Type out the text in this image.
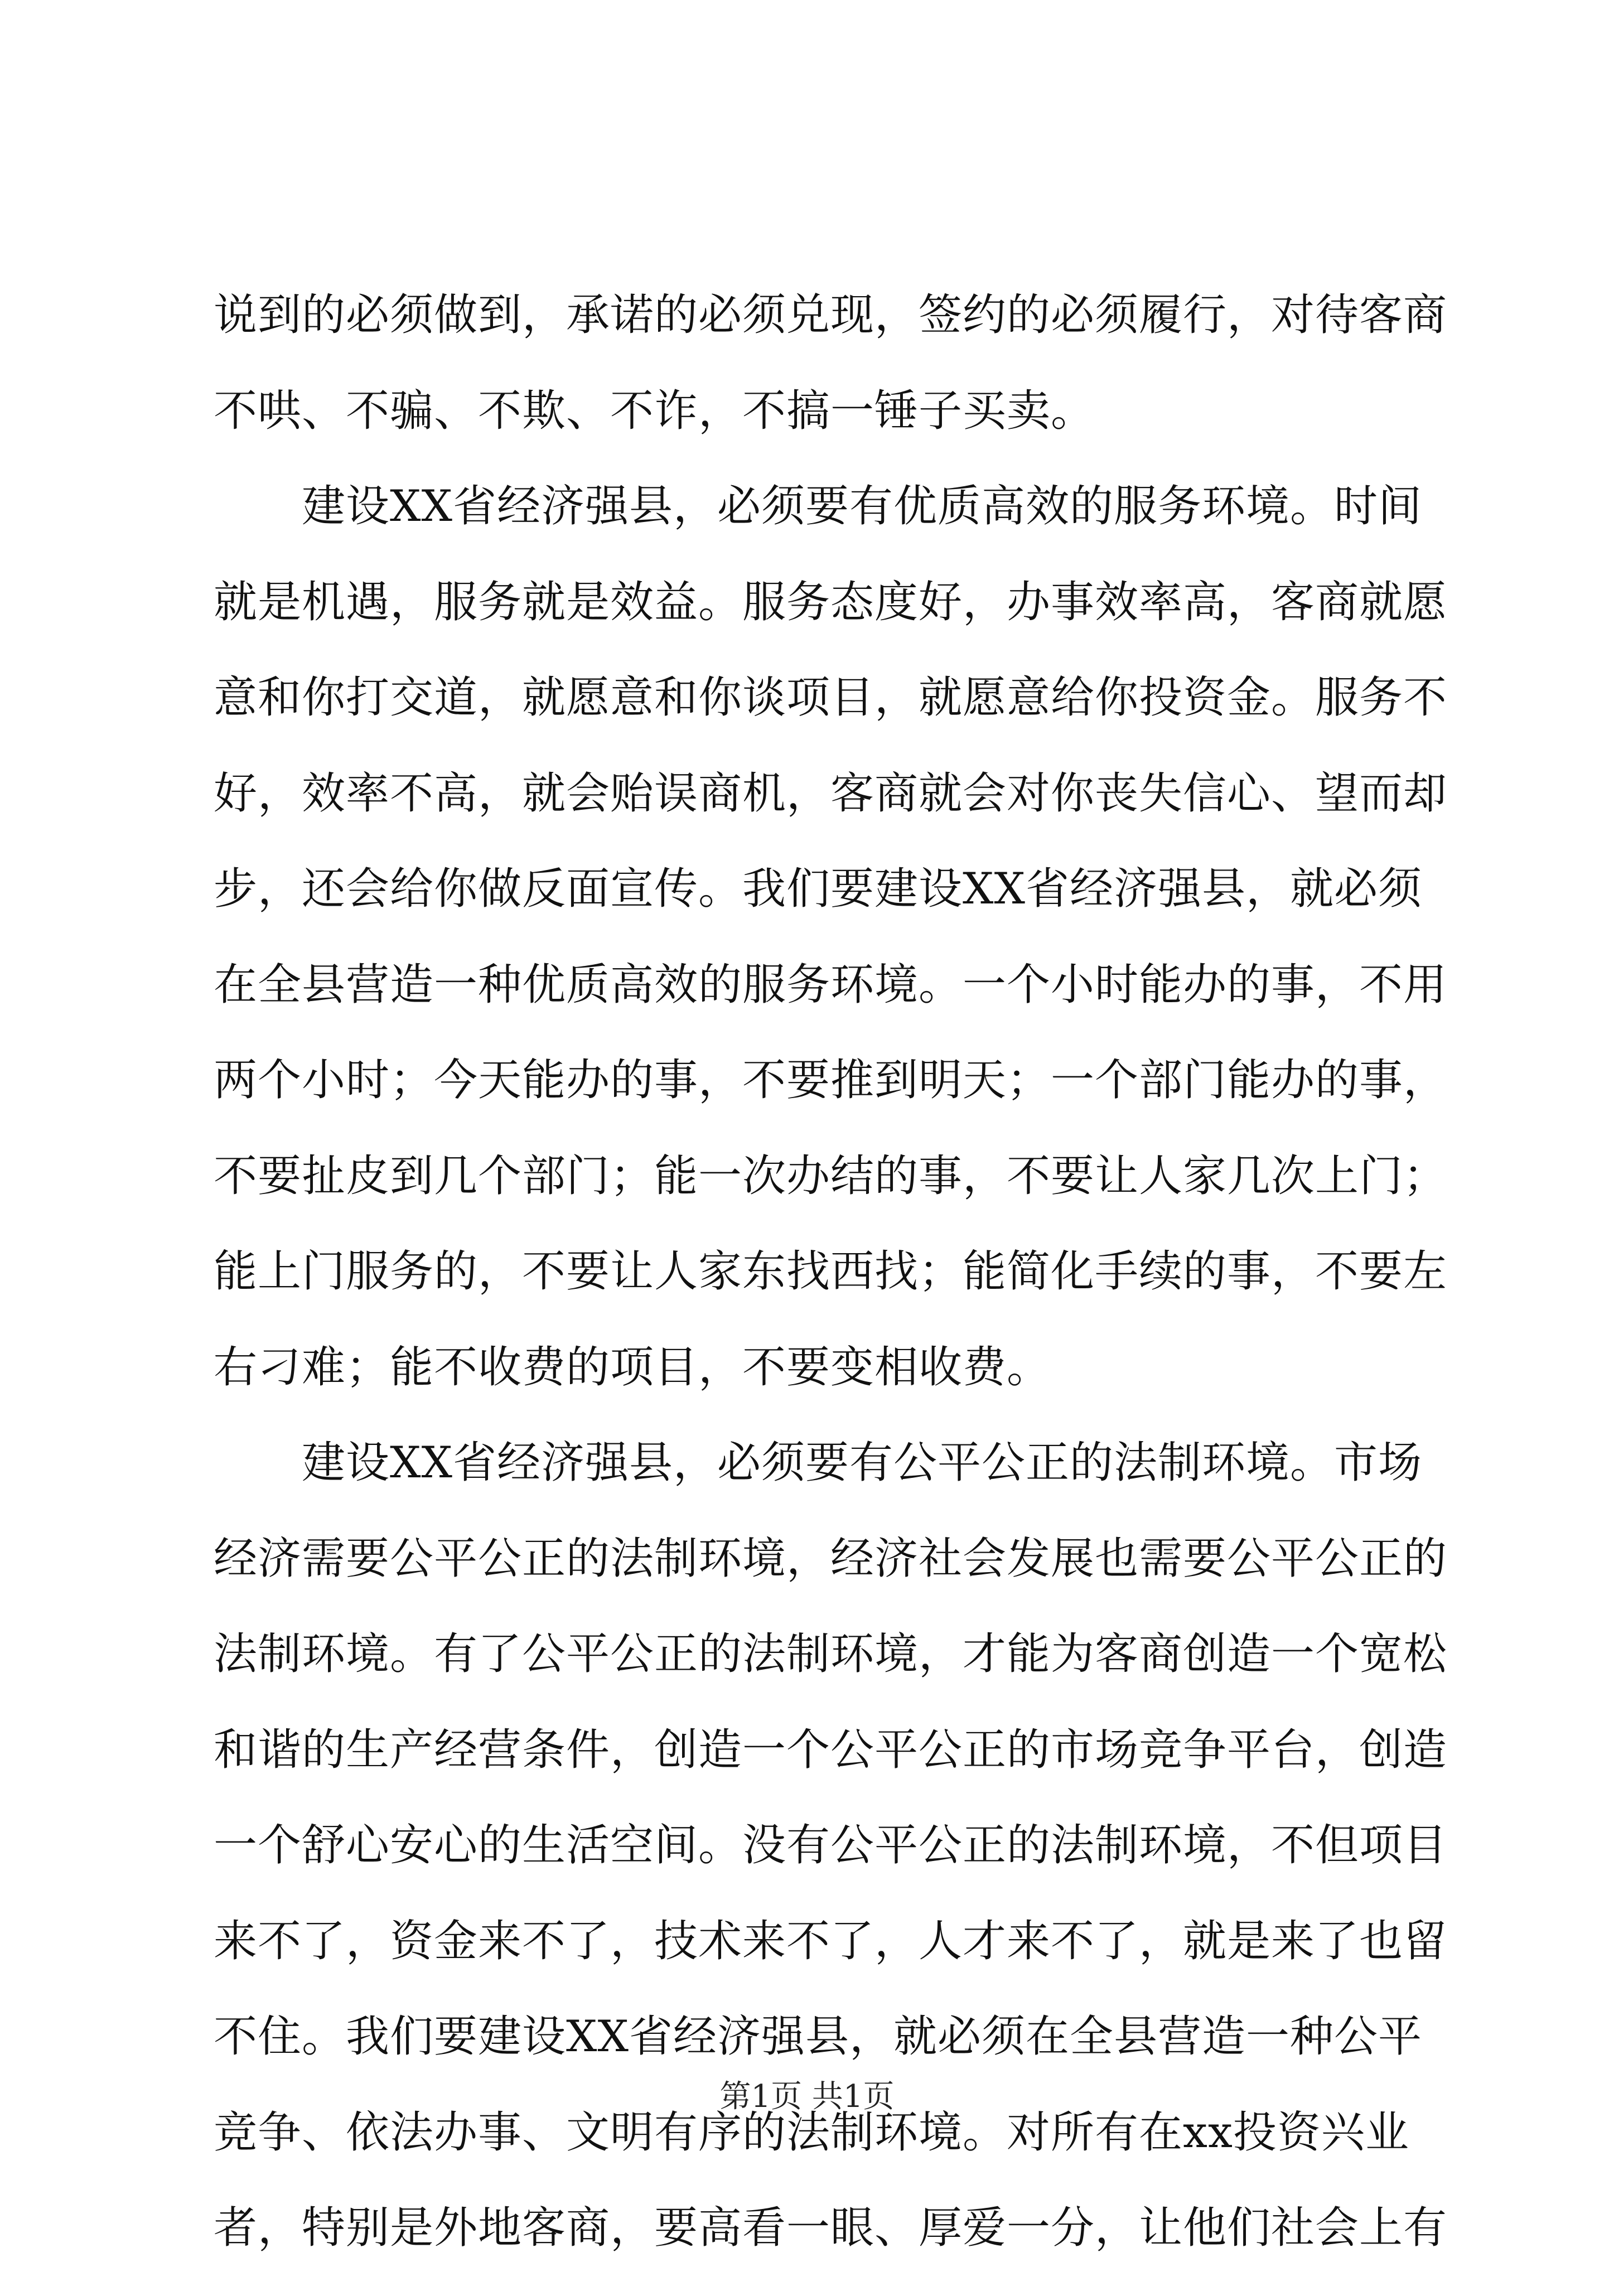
说到的必须做到，承诺的必须兑现，签约的必须履行，对待客商
不哄、不骗、不欺、不诈，不搞一锤子买卖。
　　建设XX省经济强县，必须要有优质高效的服务环境。时间
就是机遇，服务就是效益。服务态度好，办事效率高，客商就愿
意和你打交道，就愿意和你谈项目，就愿意给你投资金。服务不
好，效率不高，就会贻误商机，客商就会对你丧失信心、望而却
步，还会给你做反面宣传。我们要建设XX省经济强县，就必须
在全县营造一种优质高效的服务环境。一个小时能办的事，不用
两个小时；今天能办的事，不要推到明天；一个部门能办的事，
不要扯皮到几个部门；能一次办结的事，不要让人家几次上门；
能上门服务的，不要让人家东找西找；能简化手续的事，不要左
右刁难；能不收费的项目，不要变相收费。
　　建设XX省经济强县，必须要有公平公正的法制环境。市场
经济需要公平公正的法制环境，经济社会发展也需要公平公正的
法制环境。有了公平公正的法制环境，才能为客商创造一个宽松
和谐的生产经营条件，创造一个公平公正的市场竞争平台，创造
一个舒心安心的生活空间。没有公平公正的法制环境，不但项目
来不了，资金来不了，技术来不了，人才来不了，就是来了也留
不住。我们要建设XX省经济强县，就必须在全县营造一种公平
竞争、依法办事、文明有序的法制环境。对所有在xx投资兴业
者，特别是外地客商，要高看一眼、厚爱一分，让他们社会上有
第1页 共1页
